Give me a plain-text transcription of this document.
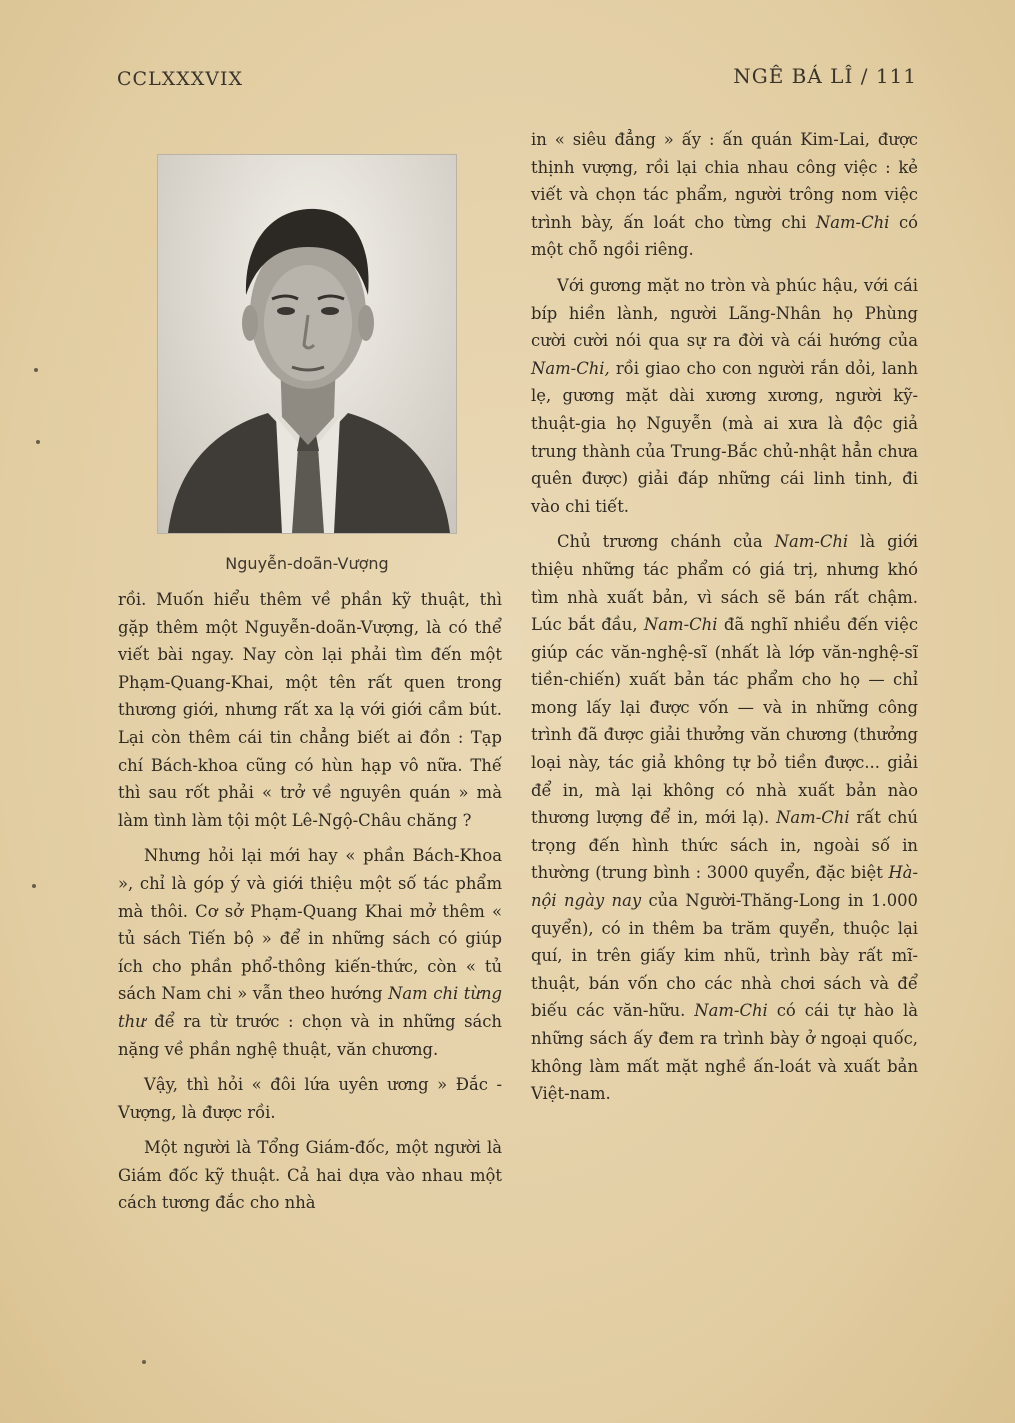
CCLXXXVIX	NGÊ BÁ LÎ / 111
Nguyễn-doãn-Vượng

rồi. Muốn hiểu thêm về phần kỹ thuật, thì gặp thêm một Nguyễn-doãn-Vượng, là có thể viết bài ngay. Nay còn lại phải tìm đến một Phạm-Quang-Khai, một tên rất quen trong thương giới, nhưng rất xa lạ với giới cầm bút. Lại còn thêm cái tin chẳng biết ai đồn : Tạp chí Bách-khoa cũng có hùn hạp vô nữa. Thế thì sau rốt phải « trở về nguyên quán » mà làm tình làm tội một Lê-Ngộ-Châu chăng ?

Nhưng hỏi lại mới hay « phần Bách-Khoa », chỉ là góp ý và giới thiệu một số tác phẩm mà thôi. Cơ sở Phạm-Quang Khai mở thêm « tủ sách Tiến bộ » để in những sách có giúp ích cho phần phổ-thông kiến-thức, còn « tủ sách Nam chi » vẫn theo hướng Nam chi từng thư để ra từ trước : chọn và in những sách nặng về phần nghệ thuật, văn chương.

Vậy, thì hỏi « đôi lứa uyên ương » Đắc - Vượng, là được rồi.

Một người là Tổng Giám-đốc, một người là Giám đốc kỹ thuật. Cả hai dựa vào nhau một cách tương đắc cho nhà

in « siêu đẳng » ấy : ấn quán Kim-Lai, được thịnh vượng, rồi lại chia nhau công việc : kẻ viết và chọn tác phẩm, người trông nom việc trình bày, ấn loát cho từng chi Nam-Chi có một chỗ ngồi riêng.

Với gương mặt no tròn và phúc hậu, với cái bíp hiền lành, người Lãng-Nhân họ Phùng cười cười nói qua sự ra đời và cái hướng của Nam-Chi, rồi giao cho con người rắn dỏi, lanh lẹ, gương mặt dài xương xương, người kỹ-thuật-gia họ Nguyễn (mà ai xưa là độc giả trung thành của Trung-Bắc chủ-nhật hẳn chưa quên được) giải đáp những cái linh tinh, đi vào chi tiết.

Chủ trương chánh của Nam-Chi là giới thiệu những tác phẩm có giá trị, nhưng khó tìm nhà xuất bản, vì sách sẽ bán rất chậm. Lúc bắt đầu, Nam-Chi đã nghĩ nhiều đến việc giúp các văn-nghệ-sĩ (nhất là lớp văn-nghệ-sĩ tiền-chiến) xuất bản tác phẩm cho họ — chỉ mong lấy lại được vốn — và in những công trình đã được giải thưởng văn chương (thưởng loại này, tác giả không tự bỏ tiền được... giải để in, mà lại không có nhà xuất bản nào thương lượng để in, mới lạ). Nam-Chi rất chú trọng đến hình thức sách in, ngoài số in thường (trung bình : 3000 quyển, đặc biệt Hà-nội ngày nay của Người-Thăng-Long in 1.000 quyển), có in thêm ba trăm quyển, thuộc lại quí, in trên giấy kim nhũ, trình bày rất mĩ-thuật, bán vốn cho các nhà chơi sách và để biếu các văn-hữu. Nam-Chi có cái tự hào là những sách ấy đem ra trình bày ở ngoại quốc, không làm mất mặt nghề ấn-loát và xuất bản Việt-nam.
